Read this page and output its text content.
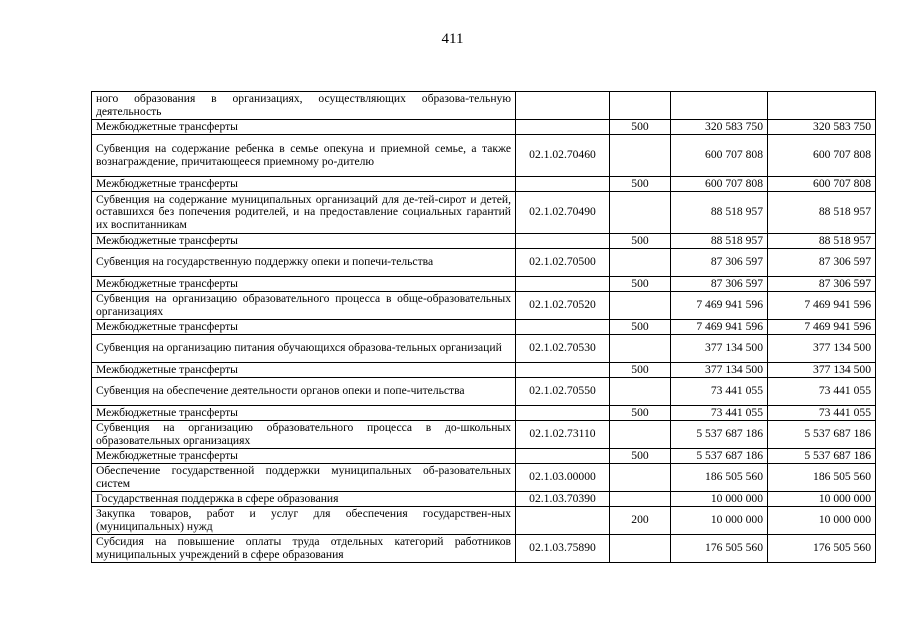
411
ного образования в организациях, осуществляющих образова-тельную деятельность				
Межбюджетные трансферты		500	320 583 750	320 583 750
Субвенция на содержание ребенка в семье опекуна и приемной семье, а также вознаграждение, причитающееся приемному ро-дителю	02.1.02.70460		600 707 808	600 707 808
Межбюджетные трансферты		500	600 707 808	600 707 808
Субвенция на содержание муниципальных организаций для де-тей-сирот и детей, оставшихся без попечения родителей, и на предоставление социальных гарантий их воспитанникам	02.1.02.70490		88 518 957	88 518 957
Межбюджетные трансферты		500	88 518 957	88 518 957
Субвенция на государственную поддержку опеки и попечи-тельства	02.1.02.70500		87 306 597	87 306 597
Межбюджетные трансферты		500	87 306 597	87 306 597
Субвенция на организацию образовательного процесса в обще-образовательных организациях	02.1.02.70520		7 469 941 596	7 469 941 596
Межбюджетные трансферты		500	7 469 941 596	7 469 941 596
Субвенция на организацию питания обучающихся образова-тельных организаций	02.1.02.70530		377 134 500	377 134 500
Межбюджетные трансферты		500	377 134 500	377 134 500
Субвенция на обеспечение деятельности органов опеки и попе-чительства	02.1.02.70550		73 441 055	73 441 055
Межбюджетные трансферты		500	73 441 055	73 441 055
Субвенция на организацию образовательного процесса в до-школьных образовательных организациях	02.1.02.73110		5 537 687 186	5 537 687 186
Межбюджетные трансферты		500	5 537 687 186	5 537 687 186
Обеспечение государственной поддержки муниципальных об-разовательных систем	02.1.03.00000		186 505 560	186 505 560
Государственная поддержка в сфере образования	02.1.03.70390		10 000 000	10 000 000
Закупка товаров, работ и услуг для обеспечения государствен-ных (муниципальных) нужд		200	10 000 000	10 000 000
Субсидия на повышение оплаты труда отдельных категорий работников муниципальных учреждений в сфере образования	02.1.03.75890		176 505 560	176 505 560
